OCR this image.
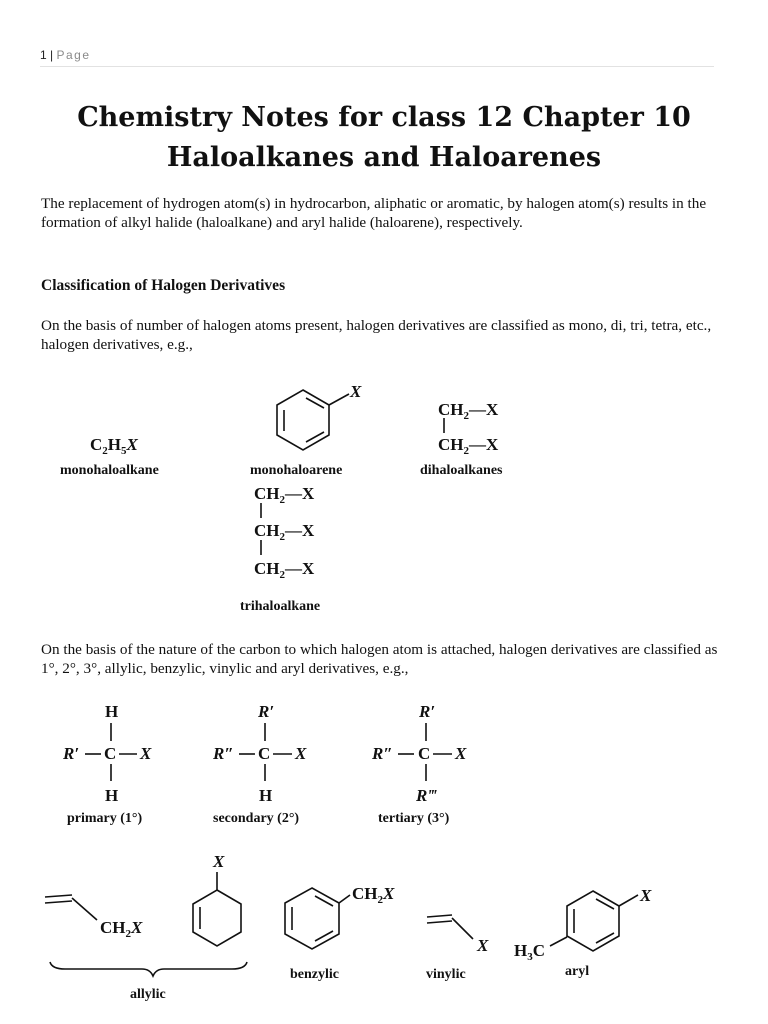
1 | Page
Chemistry Notes for class 12 Chapter 10
Haloalkanes and Haloarenes

The replacement of hydrogen atom(s) in hydrocarbon, aliphatic or aromatic, by halogen atom(s) results in the formation of alkyl halide (haloalkane) and aryl halide (haloarene), respectively.

Classification of Halogen Derivatives

On the basis of number of halogen atoms present, halogen derivatives are classified as mono, di, tri, tetra, etc., halogen derivatives, e.g.,

$C_2H_5X$
monohaloalkane
X
monohaloarene
$CH_2—X$
$CH_2—X$
dihaloalkanes
$CH_2—X$
$CH_2—X$
$CH_2—X$
trihaloalkane

On the basis of the nature of the carbon to which halogen atom is attached, halogen derivatives are classified as 1°, 2°, 3°, allylic, benzylic, vinylic and aryl derivatives, e.g.,

H
R′ C X
H
primary (1°)
R′
R″ C X
H
secondary (2°)
R′
R″ C X
R‴
tertiary (3°)
$CH_2X$
X
allylic
$CH_2X$
benzylic
X
vinylic
$H_3C$
X
aryl
